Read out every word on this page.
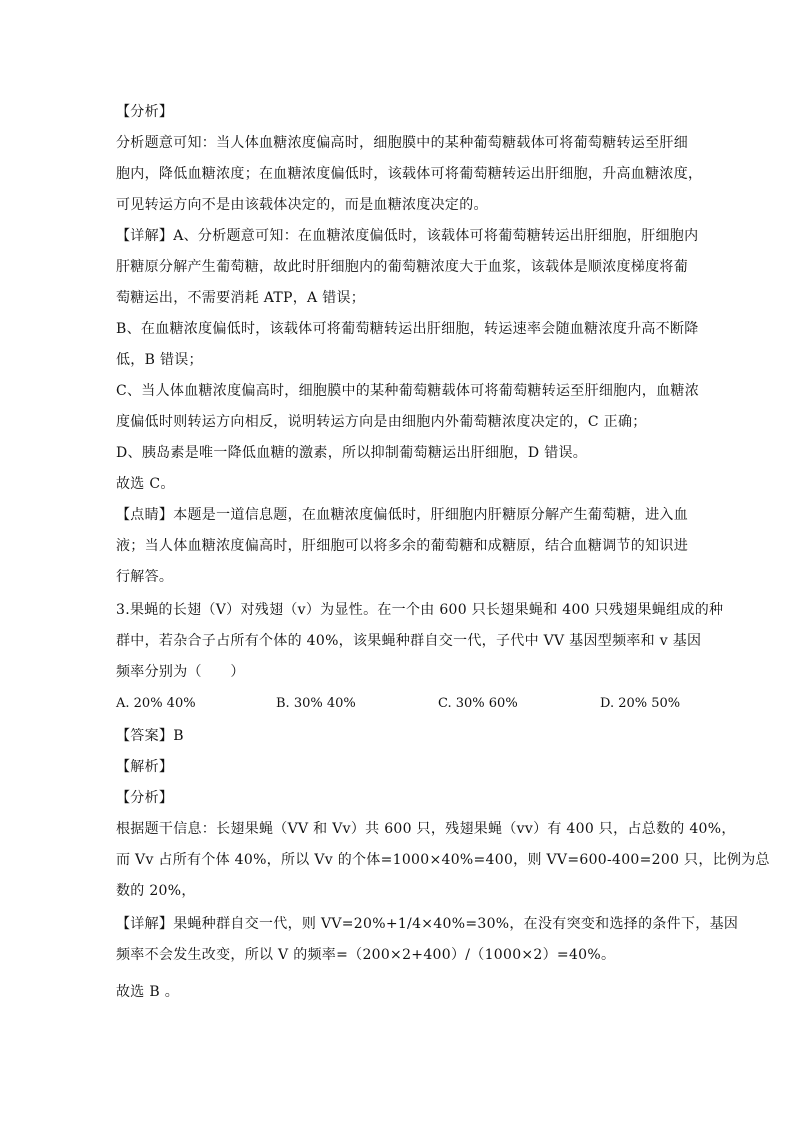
【分析】
分析题意可知：当人体血糖浓度偏高时，细胞膜中的某种葡萄糖载体可将葡萄糖转运至肝细
胞内，降低血糖浓度；在血糖浓度偏低时，该载体可将葡萄糖转运出肝细胞，升高血糖浓度，
可见转运方向不是由该载体决定的，而是血糖浓度决定的。
【详解】A、分析题意可知：在血糖浓度偏低时，该载体可将葡萄糖转运出肝细胞，肝细胞内
肝糖原分解产生葡萄糖，故此时肝细胞内的葡萄糖浓度大于血浆，该载体是顺浓度梯度将葡
萄糖运出，不需要消耗 ATP，A 错误；
B、在血糖浓度偏低时，该载体可将葡萄糖转运出肝细胞，转运速率会随血糖浓度升高不断降
低，B 错误；
C、当人体血糖浓度偏高时，细胞膜中的某种葡萄糖载体可将葡萄糖转运至肝细胞内，血糖浓
度偏低时则转运方向相反，说明转运方向是由细胞内外葡萄糖浓度决定的，C 正确；
D、胰岛素是唯一降低血糖的激素，所以抑制葡萄糖运出肝细胞，D 错误。
故选 C。
【点睛】本题是一道信息题，在血糖浓度偏低时，肝细胞内肝糖原分解产生葡萄糖，进入血
液；当人体血糖浓度偏高时，肝细胞可以将多余的葡萄糖和成糖原，结合血糖调节的知识进
行解答。
3.果蝇的长翅（V）对残翅（v）为显性。在一个由 600 只长翅果蝇和 400 只残翅果蝇组成的种
群中，若杂合子占所有个体的 40%，该果蝇种群自交一代，子代中 VV 基因型频率和 v 基因
频率分别为（　　）
A. 20% 40%	B. 30% 40%	C. 30% 60%	D. 20% 50%
【答案】B
【解析】
【分析】
根据题干信息：长翅果蝇（VV 和 Vv）共 600 只，残翅果蝇（vv）有 400 只，占总数的 40%，
而 Vv 占所有个体 40%，所以 Vv 的个体=1000×40%=400，则 VV=600-400=200 只，比例为总
数的 20%，
【详解】果蝇种群自交一代，则 VV=20%+1/4×40%=30%，在没有突变和选择的条件下，基因
频率不会发生改变，所以 V 的频率=（200×2+400）/（1000×2）=40%。
故选 B 。
